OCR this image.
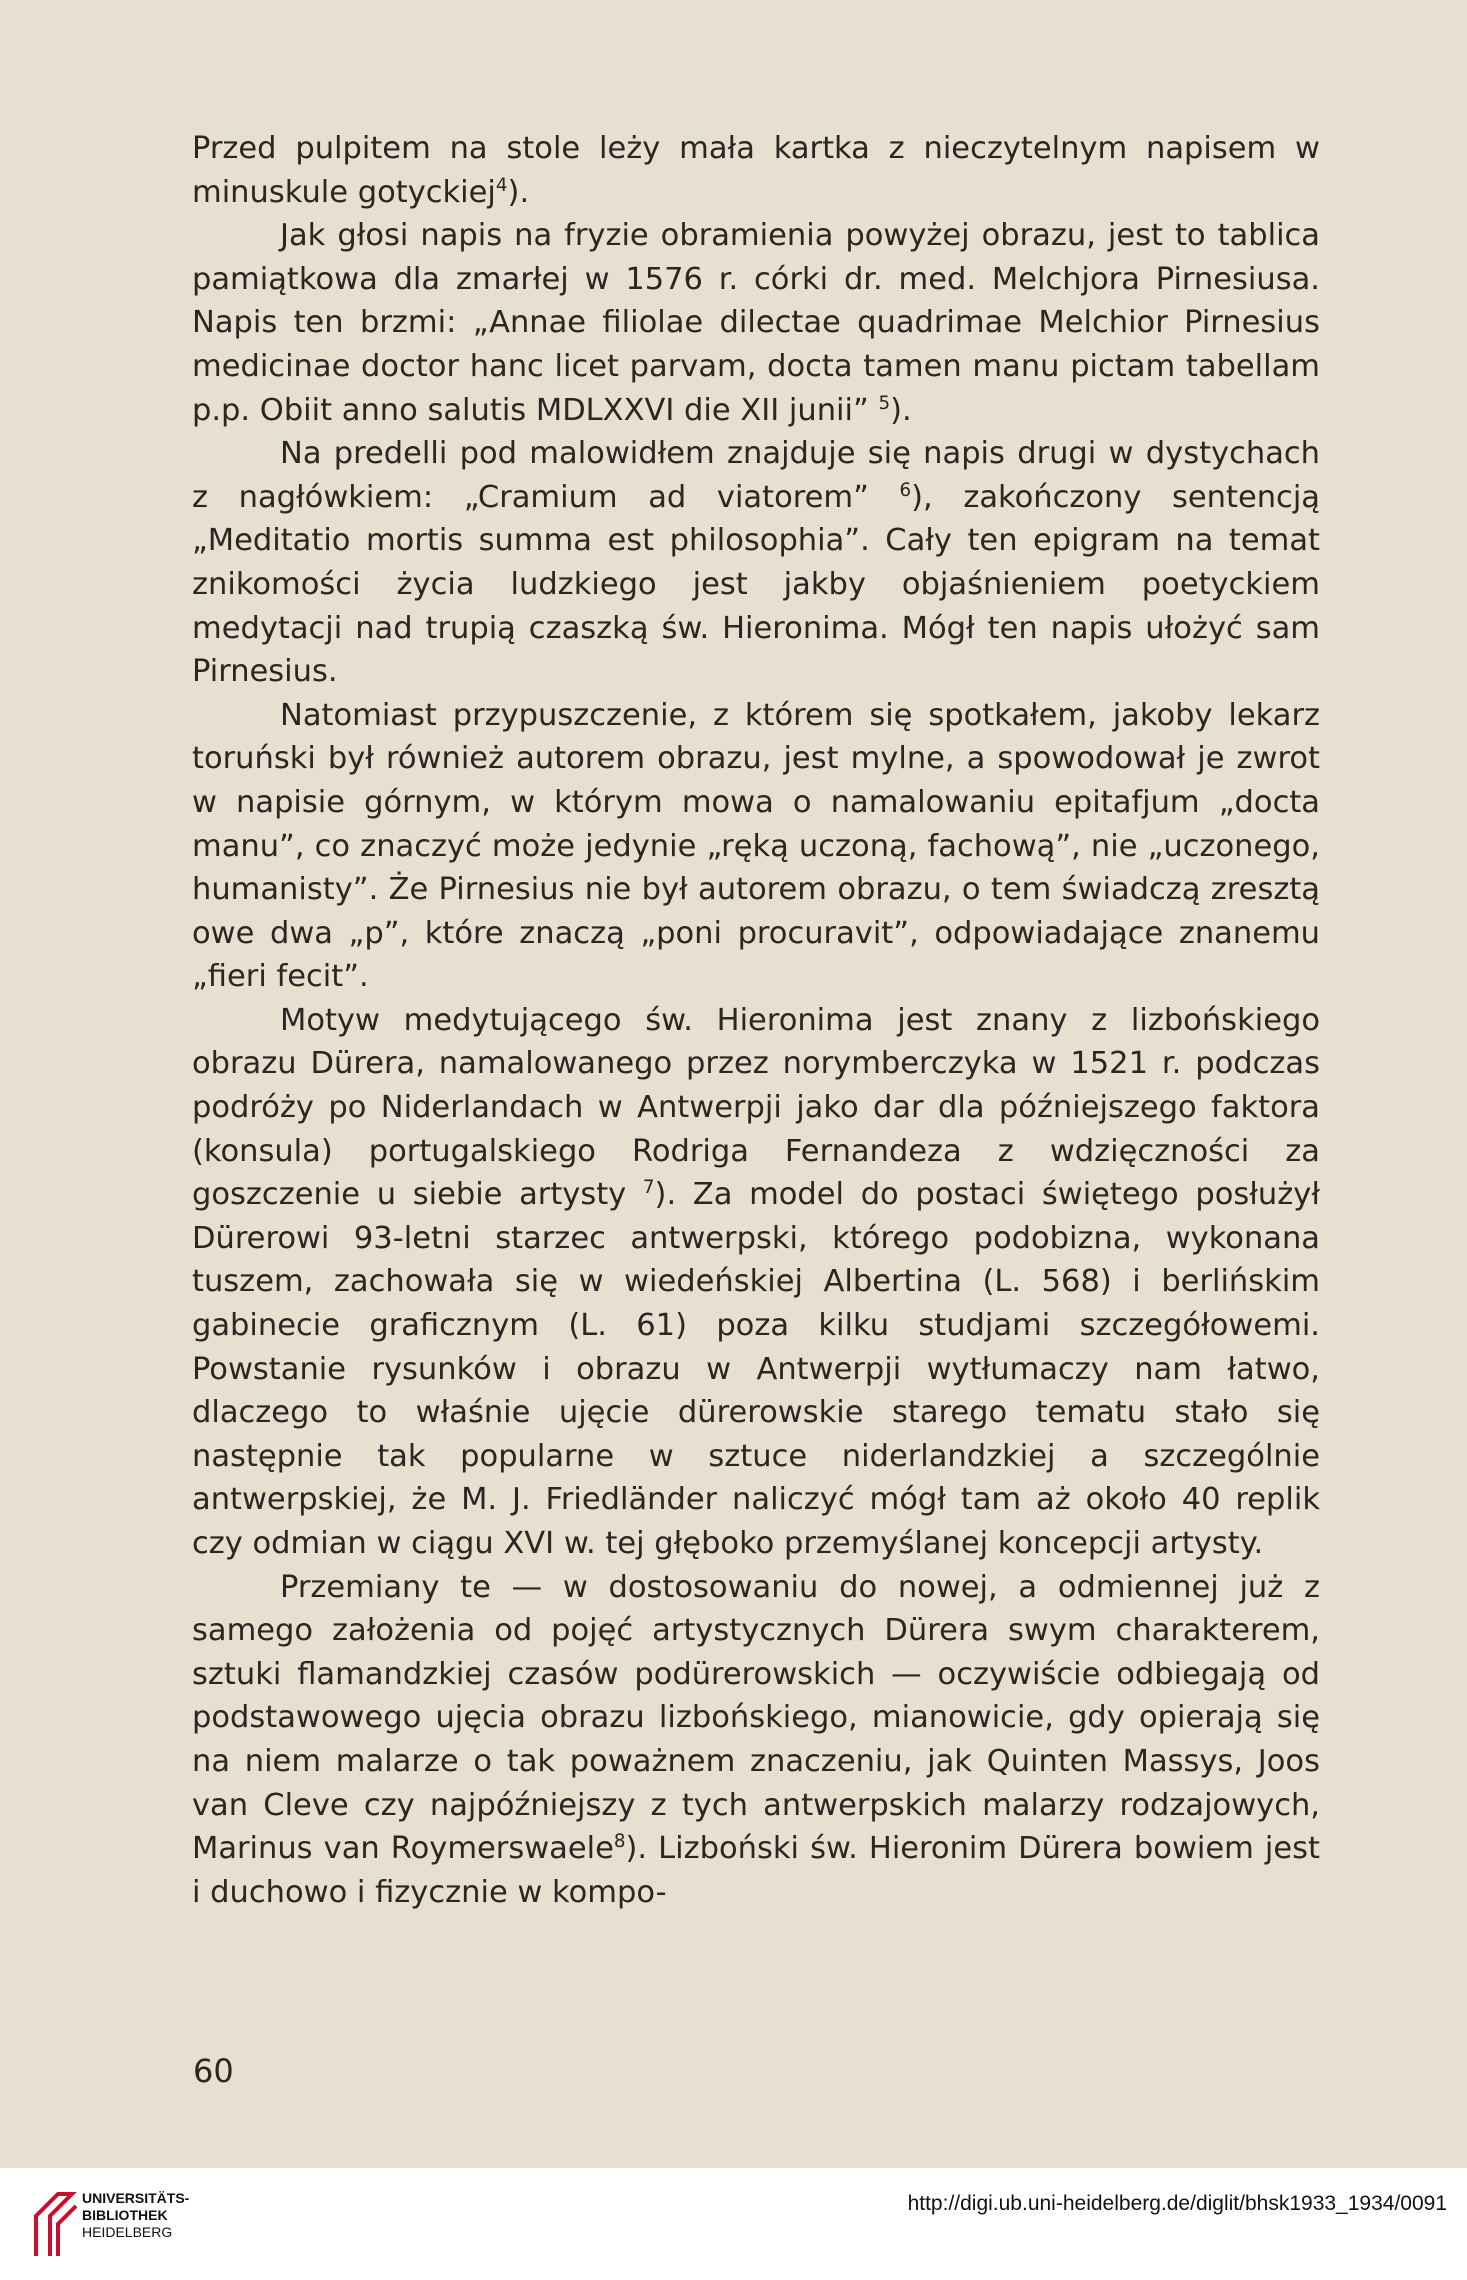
Przed pulpitem na stole leży mała kartka z nieczytelnym napisem w minuskule gotyckiej$^4$).

Jak głosi napis na fryzie obramienia powyżej obrazu, jest to tablica pamiątkowa dla zmarłej w 1576 r. córki dr. med. Melchjora Pirnesiusa. Napis ten brzmi: „Annae filiolae dilectae quadrimae Melchior Pirnesius medicinae doctor hanc licet parvam, docta tamen manu pictam tabellam p.p. Obiit anno salutis MDLXXVI die XII junii” $^5$).

Na predelli pod malowidłem znajduje się napis drugi w dystychach z nagłówkiem: „Cramium ad viatorem” $^6$), zakończony sentencją „Meditatio mortis summa est philosophia”. Cały ten epigram na temat znikomości życia ludzkiego jest jakby objaśnieniem poetyckiem medytacji nad trupią czaszką św. Hieronima. Mógł ten napis ułożyć sam Pirnesius.

Natomiast przypuszczenie, z którem się spotkałem, jakoby lekarz toruński był również autorem obrazu, jest mylne, a spowodował je zwrot w napisie górnym, w którym mowa o namalowaniu epitafjum „docta manu”, co znaczyć może jedynie „ręką uczoną, fachową”, nie „uczonego, humanisty”. Że Pirnesius nie był autorem obrazu, o tem świadczą zresztą owe dwa „p”, które znaczą „poni procuravit”, odpowiadające znanemu „fieri fecit”.

Motyw medytującego św. Hieronima jest znany z lizbońskiego obrazu Dürera, namalowanego przez norymberczyka w 1521 r. podczas podróży po Niderlandach w Antwerpji jako dar dla późniejszego faktora (konsula) portugalskiego Rodriga Fernandeza z wdzięczności za goszczenie u siebie artysty $^7$). Za model do postaci świętego posłużył Dürerowi 93-letni starzec antwerpski, którego podobizna, wykonana tuszem, zachowała się w wiedeńskiej Albertina (L. 568) i berlińskim gabinecie graficznym (L. 61) poza kilku studjami szczegółowemi. Powstanie rysunków i obrazu w Antwerpji wytłumaczy nam łatwo, dlaczego to właśnie ujęcie dürerowskie starego tematu stało się następnie tak popularne w sztuce niderlandzkiej a szczególnie antwerpskiej, że M. J. Friedländer naliczyć mógł tam aż około 40 replik czy odmian w ciągu XVI w. tej głęboko przemyślanej koncepcji artysty.

Przemiany te — w dostosowaniu do nowej, a odmiennej już z samego założenia od pojęć artystycznych Dürera swym charakterem, sztuki flamandzkiej czasów podürerowskich — oczywiście odbiegają od podstawowego ujęcia obrazu lizbońskiego, mianowicie, gdy opierają się na niem malarze o tak poważnem znaczeniu, jak Quinten Massys, Joos van Cleve czy najpóźniejszy z tych antwerpskich malarzy rodzajowych, Marinus van Roymerswaele$^8$). Lizboński św. Hieronim Dürera bowiem jest i duchowo i fizycznie w kompo-

60
UNIVERSITÄTS-
BIBLIOTHEK
HEIDELBERG
http://digi.ub.uni-heidelberg.de/diglit/bhsk1933_1934/0091
